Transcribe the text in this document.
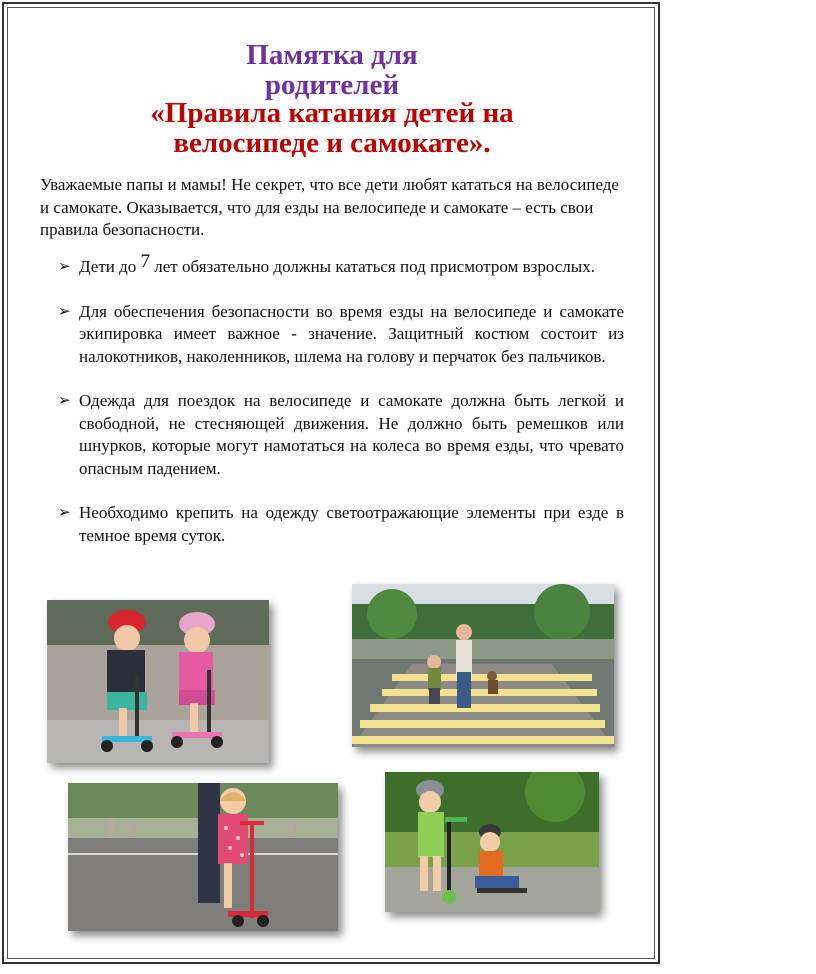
Памятка для
родителей
«Правила катания детей на
велосипеде и самокате».
Уважаемые папы и мамы! Не секрет, что все дети любят кататься на велосипеде и самокате. Оказывается, что для езды на велосипеде и самокате – есть свои правила безопасности.
➢ Дети до 7 лет обязательно должны кататься под присмотром взрослых.
➢ Для обеспечения безопасности во время езды на велосипеде и самокате экипировка имеет важное - значение. Защитный костюм состоит из налокотников, наколенников, шлема на голову и перчаток без пальчиков.
➢ Одежда для поездок на велосипеде и самокате должна быть легкой и свободной, не стесняющей движения. Не должно быть ремешков или шнурков, которые могут намотаться на колеса во время езды, что чревато опасным падением.
➢ Необходимо крепить на одежду светоотражающие элементы при езде в темное время суток.
